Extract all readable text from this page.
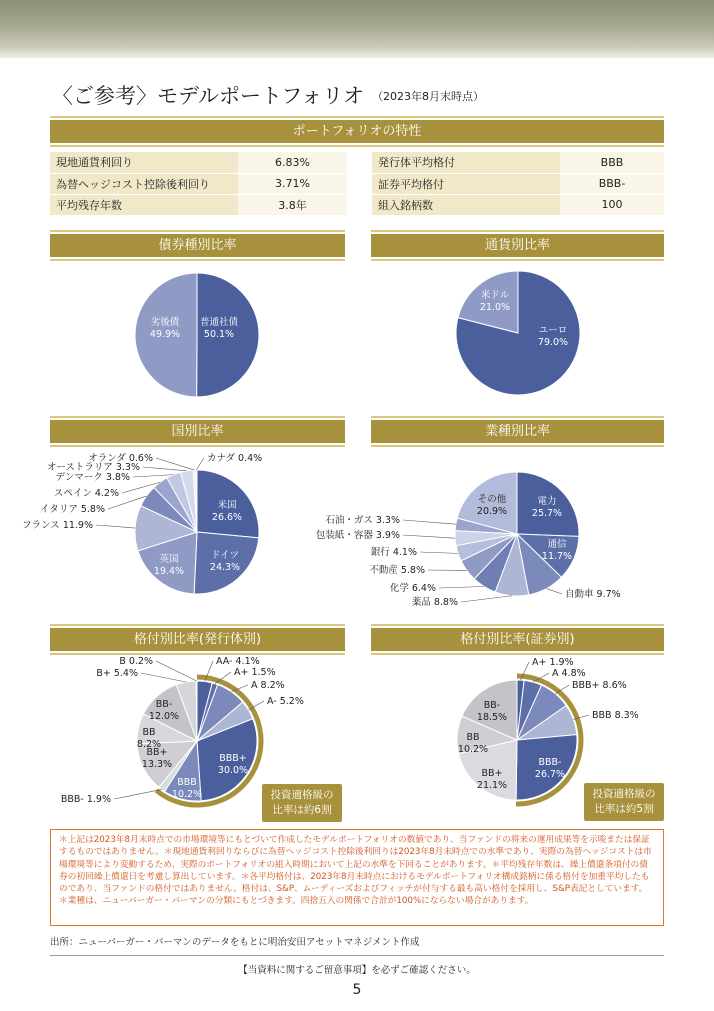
〈ご参考〉モデルポートフォリオ $^{(2023年8月末時点)}$
ポートフォリオの特性
現地通貨利回り	6.83%
為替ヘッジコスト控除後利回り	3.71%
平均残存年数	3.8年
発行体平均格付	BBB
証券平均格付	BBB-
組入銘柄数	100
債券種別比率	通貨別比率
国別比率	業種別比率
格付別比率(発行体別)	格付別比率(証券別)
普通社債
50.1%
劣後債
49.9%	ユーロ
79.0%
米ドル
21.0%
米国
26.6%
ドイツ
24.3%
英国
19.4%
フランス 11.9%
イタリア 5.8%
スペイン 4.2%
デンマーク 3.8%
オーストラリア 3.3%
オランダ 0.6%	カナダ 0.4%
電力
25.7%
通信
11.7%
自動車 9.7%
薬品 8.8%
化学 6.4%
不動産 5.8%
銀行 4.1%
包装紙・容器 3.9%
石油・ガス 3.3%
その他
20.9%
AA- 4.1%
A+ 1.5%
A 8.2%
A- 5.2%
BBB+
30.0%
BBB
10.2%
BBB- 1.9%
BB+
13.3%
BB
8.2%
BB-
12.0%
B+ 5.4%
B 0.2%	A+ 1.9%
A 4.8%
BBB+ 8.6%
BBB 8.3%
BBB-
26.7%
BB+
21.1%
BB
10.2%
BB-
18.5%
投資適格級の
比率は約6割
投資適格級の
比率は約5割
＊上記は2023年8月末時点での市場環境等にもとづいて作成したモデルポートフォリオの数値であり、当ファンドの将来の運用成果等を示唆または保証するものではありません。＊現地通貨利回りならびに為替ヘッジコスト控除後利回りは2023年8月末時点での水準であり、実際の為替ヘッジコストは市場環境等により変動するため、実際のポートフォリオの組入時期において上記の水準を下回ることがあります。＊平均残存年数は、繰上償還条項付の債券の初回繰上償還日を考慮し算出しています。＊各平均格付は、2023年8月末時点におけるモデルポートフォリオ構成銘柄に係る格付を加重平均したものであり、当ファンドの格付ではありません。格付は、S&P、ムーディーズおよびフィッチが付与する最も高い格付を採用し、S&P表記としています。＊業種は、ニューバーガー・バーマンの分類にもとづきます。四捨五入の関係で合計が100%にならない場合があります。
出所：ニューバーガー・バーマンのデータをもとに明治安田アセットマネジメント作成
【当資料に関するご留意事項】を必ずご確認ください。
5
